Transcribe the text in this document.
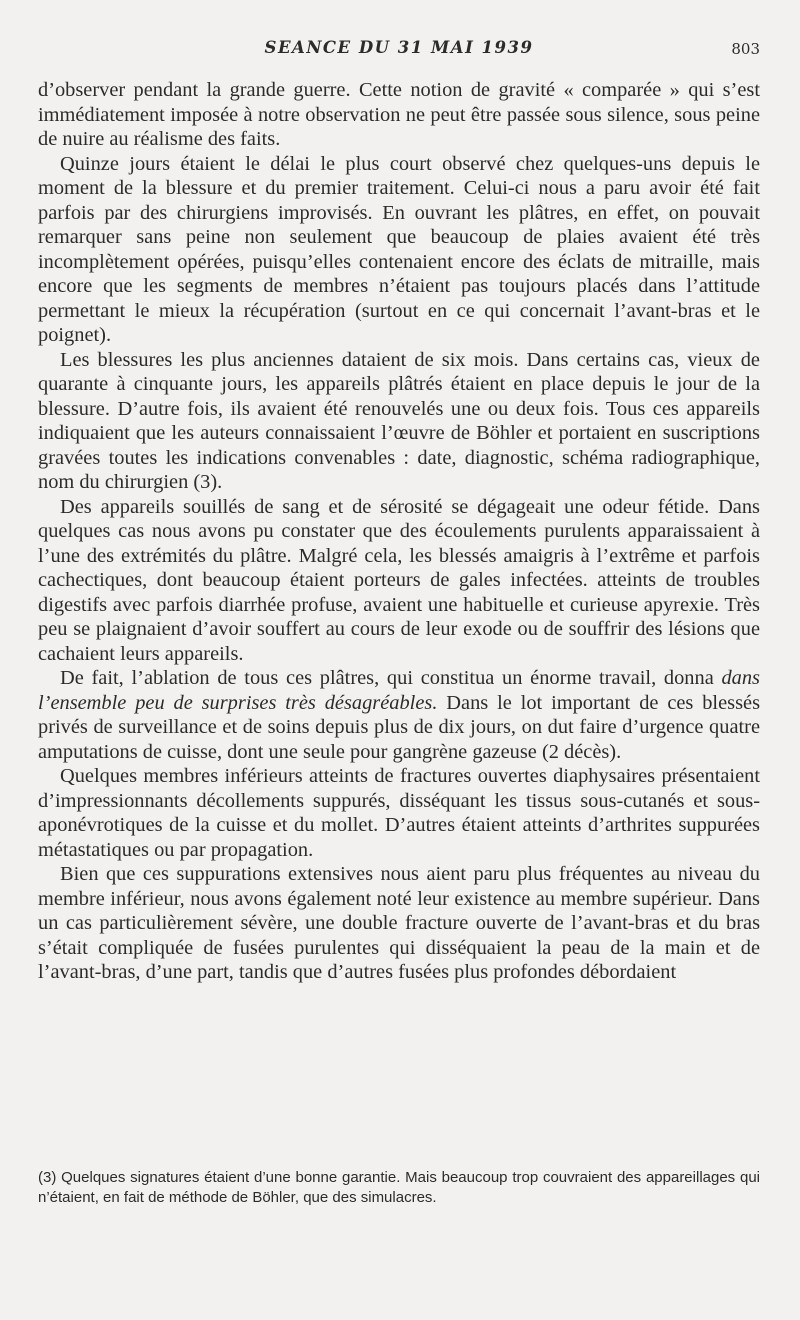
SEANCE DU 31 MAI 1939	803

d’observer pendant la grande guerre. Cette notion de gravité « comparée » qui s’est immédiatement imposée à notre observation ne peut être passée sous silence, sous peine de nuire au réalisme des faits.

Quinze jours étaient le délai le plus court observé chez quelques-uns depuis le moment de la blessure et du premier traitement. Celui-ci nous a paru avoir été fait parfois par des chirurgiens improvisés. En ouvrant les plâtres, en effet, on pouvait remarquer sans peine non seulement que beaucoup de plaies avaient été très incomplètement opérées, puisqu’elles contenaient encore des éclats de mitraille, mais encore que les segments de membres n’étaient pas toujours placés dans l’attitude permettant le mieux la récupération (surtout en ce qui concernait l’avant-bras et le poignet).

Les blessures les plus anciennes dataient de six mois. Dans certains cas, vieux de quarante à cinquante jours, les appareils plâtrés étaient en place depuis le jour de la blessure. D’autre fois, ils avaient été renouvelés une ou deux fois. Tous ces appareils indiquaient que les auteurs connaissaient l’œuvre de Böhler et portaient en suscriptions gravées toutes les indications convenables : date, diagnostic, schéma radiographique, nom du chirurgien (3).

Des appareils souillés de sang et de sérosité se dégageait une odeur fétide. Dans quelques cas nous avons pu constater que des écoulements purulents apparaissaient à l’une des extrémités du plâtre. Malgré cela, les blessés amaigris à l’extrême et parfois cachectiques, dont beaucoup étaient porteurs de gales infectées. atteints de troubles digestifs avec parfois diarrhée profuse, avaient une habituelle et curieuse apyrexie. Très peu se plaignaient d’avoir souffert au cours de leur exode ou de souffrir des lésions que cachaient leurs appareils.

De fait, l’ablation de tous ces plâtres, qui constitua un énorme travail, donna dans l’ensemble peu de surprises très désagréables. Dans le lot important de ces blessés privés de surveillance et de soins depuis plus de dix jours, on dut faire d’urgence quatre amputations de cuisse, dont une seule pour gangrène gazeuse (2 décès).

Quelques membres inférieurs atteints de fractures ouvertes diaphysaires présentaient d’impressionnants décollements suppurés, disséquant les tissus sous-cutanés et sous-aponévrotiques de la cuisse et du mollet. D’autres étaient atteints d’arthrites suppurées métastatiques ou par propagation.

Bien que ces suppurations extensives nous aient paru plus fréquentes au niveau du membre inférieur, nous avons également noté leur existence au membre supérieur. Dans un cas particulièrement sévère, une double fracture ouverte de l’avant-bras et du bras s’était compliquée de fusées purulentes qui disséquaient la peau de la main et de l’avant-bras, d’une part, tandis que d’autres fusées plus profondes débordaient

(3) Quelques signatures étaient d’une bonne garantie. Mais beaucoup trop couvraient des appareillages qui n’étaient, en fait de méthode de Böhler, que des simulacres.
